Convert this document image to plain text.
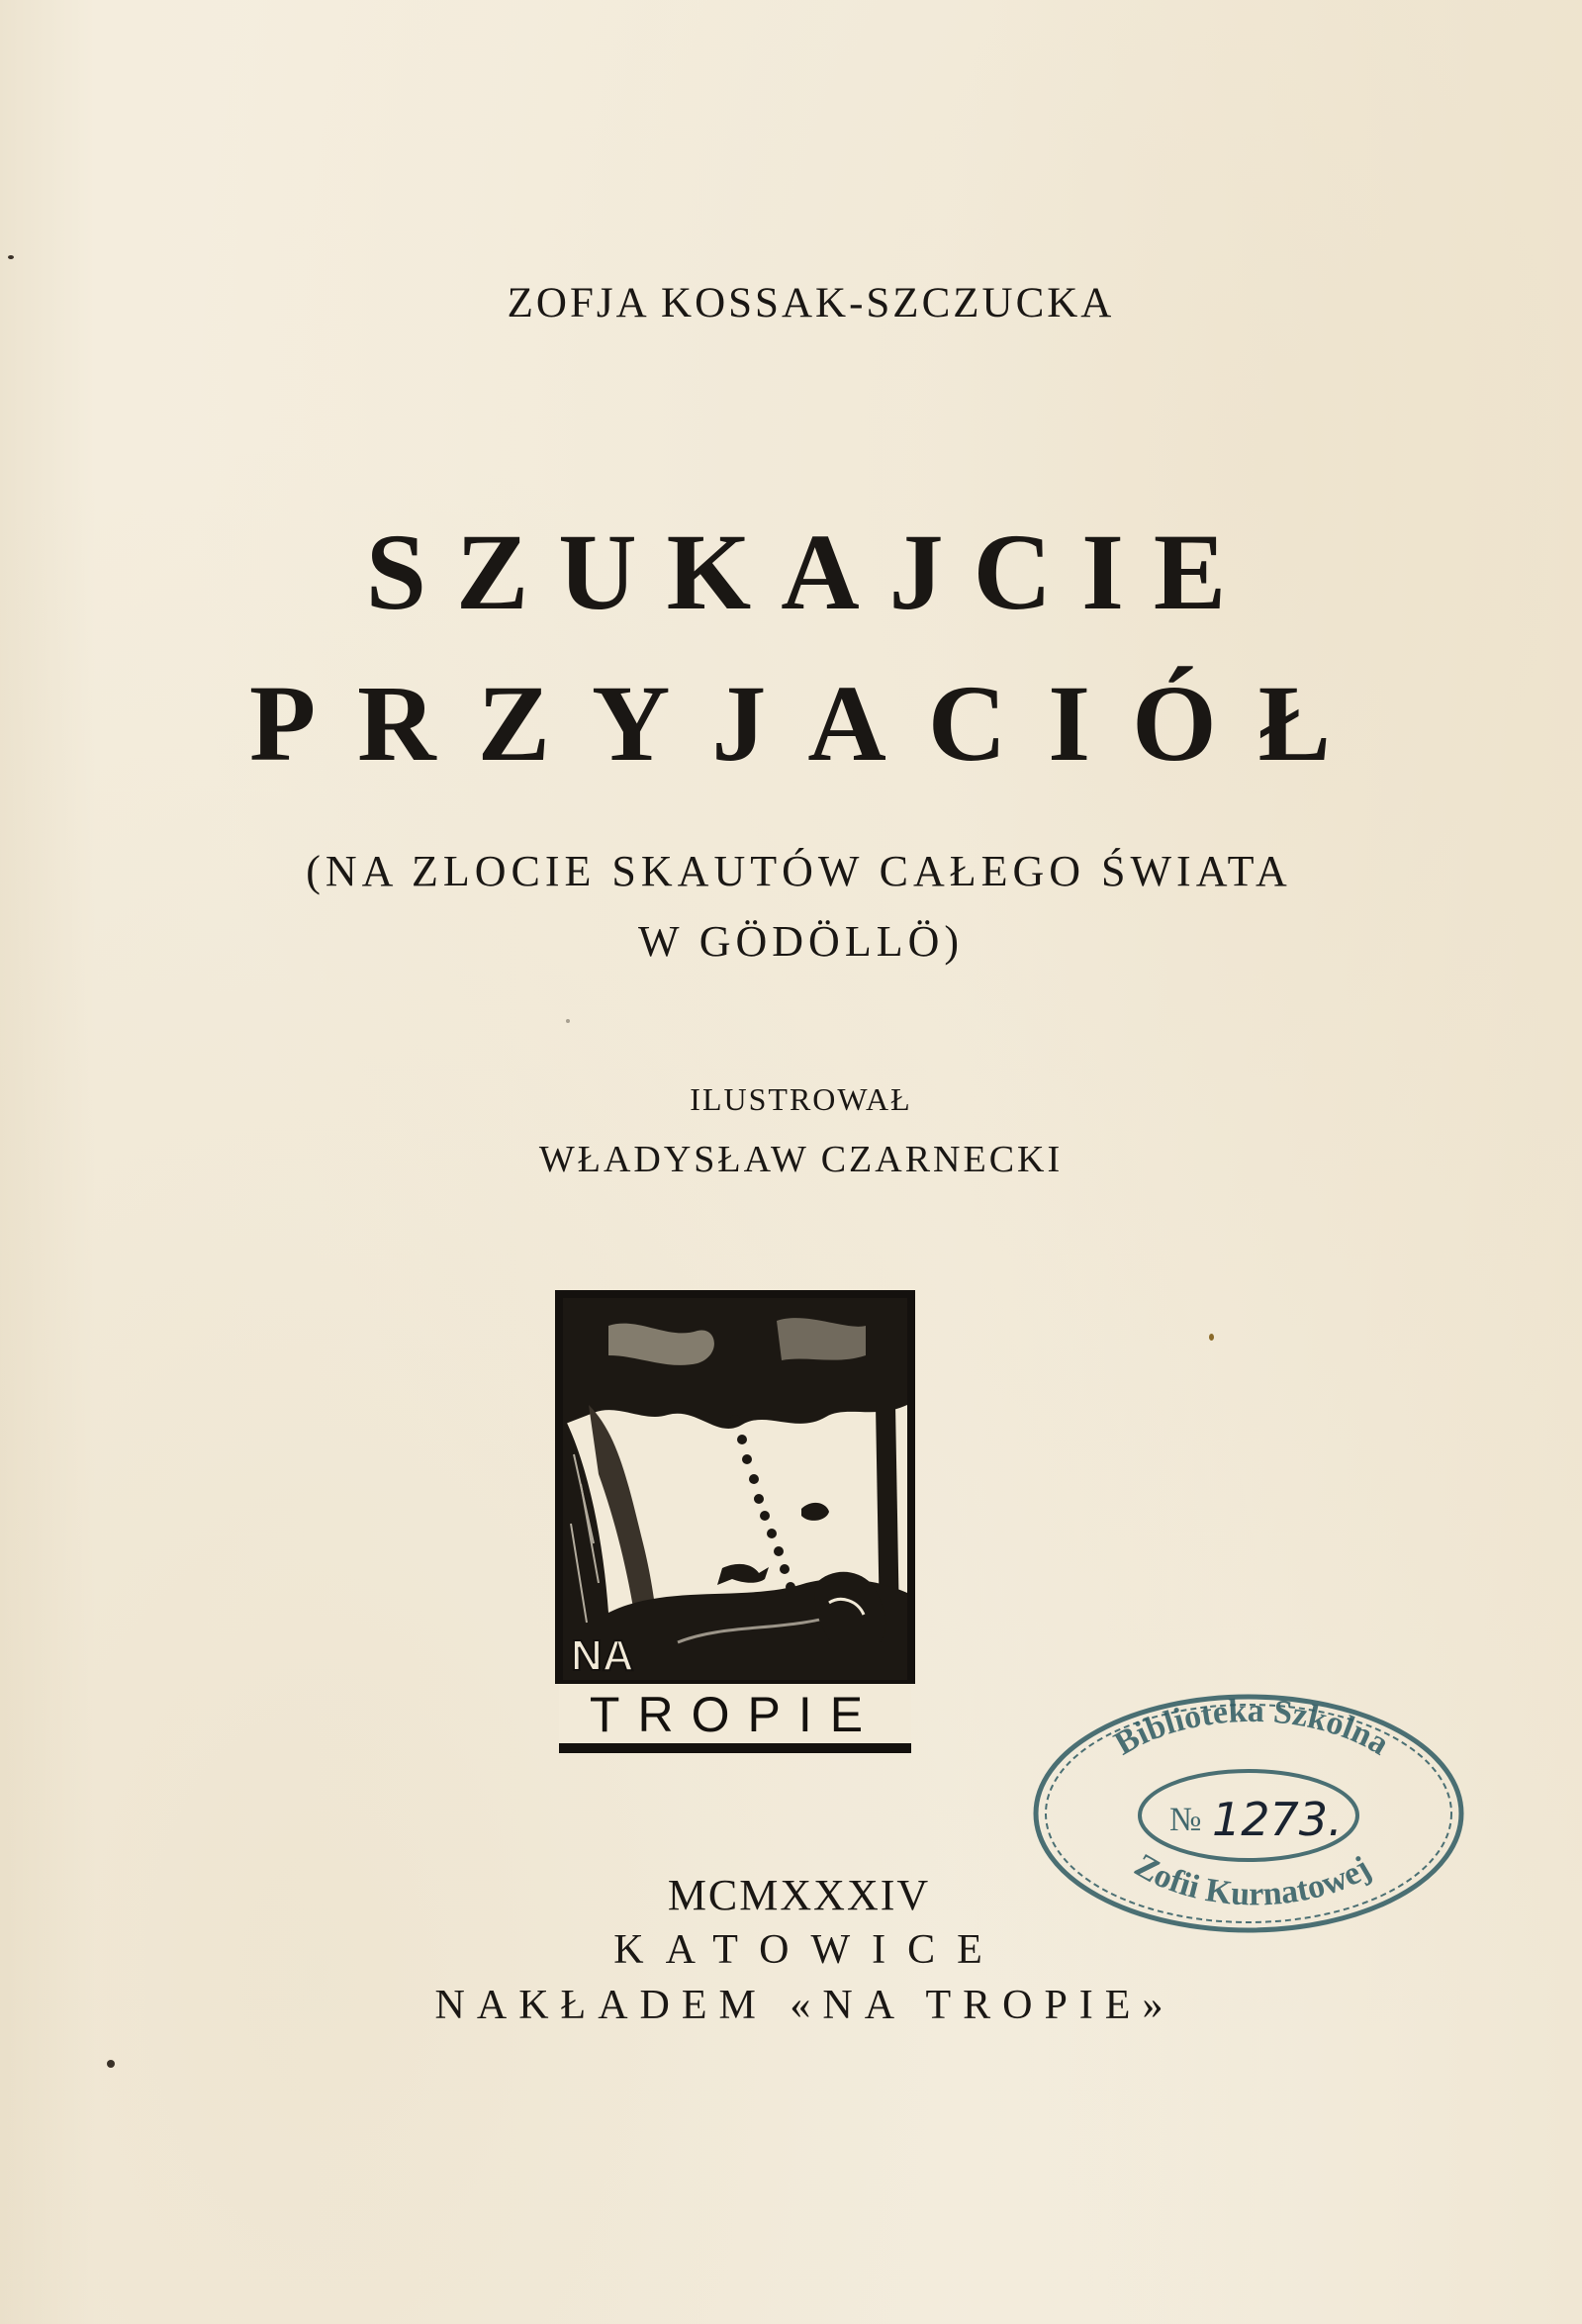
ZOFJA KOSSAK-SZCZUCKA
SZUKAJCIE
PRZYJACIÓŁ
(NA ZLOCIE SKAUTÓW CAŁEGO ŚWIATA
W GÖDÖLLÖ)
ILUSTROWAŁ
WŁADYSŁAW CZARNECKI
NA
TROPIE
MCMXXXIV
KATOWICE
NAKŁADEM «NA TROPIE»
Biblioteka Szkolna
Zofii Kurnatowej
№ 1273.
